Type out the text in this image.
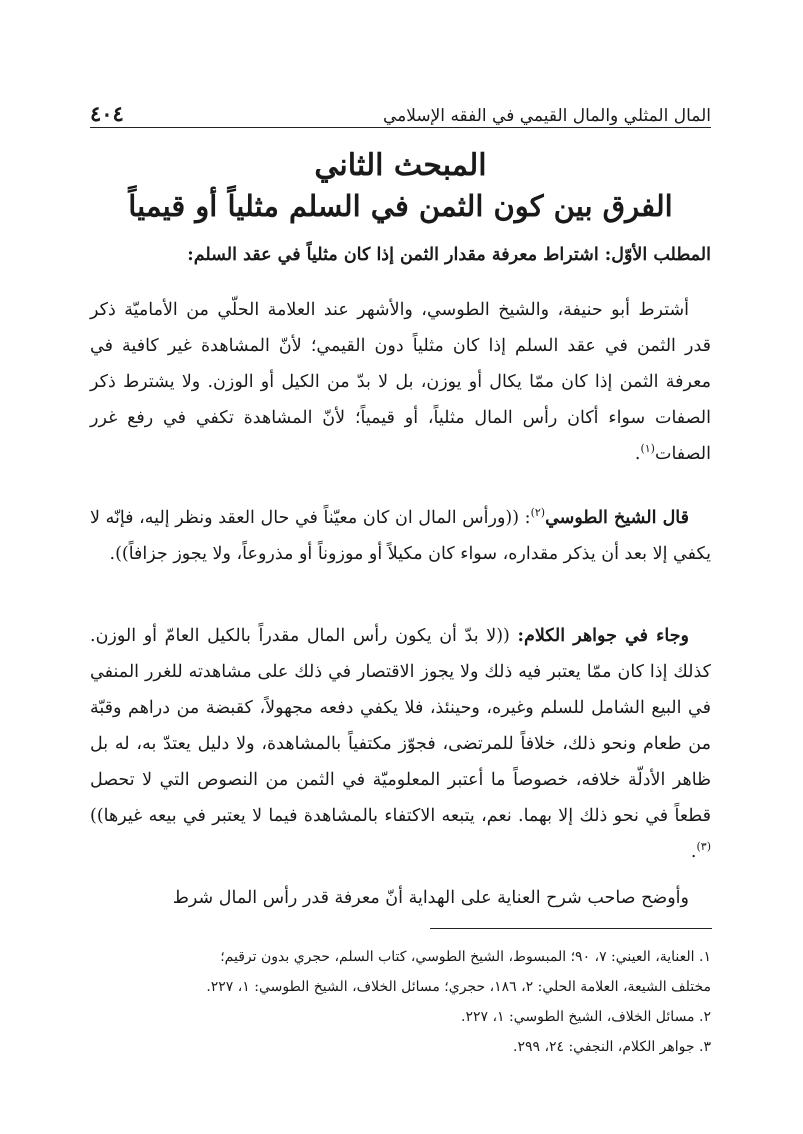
المال المثلي والمال القيمي في الفقه الإسلامي
٤٠٤
المبحث الثاني
الفرق بين كون الثمن في السلم مثلياً أو قيمياً
المطلب الأوّل: اشتراط معرفة مقدار الثمن إذا كان مثلياً في عقد السلم:

أشترط أبو حنيفة، والشيخ الطوسي، والأشهر عند العلامة الحلّي من الأماميّة ذكر قدر الثمن في عقد السلم إذا كان مثلياً دون القيمي؛ لأنّ المشاهدة غير كافية في معرفة الثمن إذا كان ممّا يكال أو يوزن، بل لا بدّ من الكيل أو الوزن. ولا يشترط ذكر الصفات سواء أكان رأس المال مثلياً، أو قيمياً؛ لأنّ المشاهدة تكفي في رفع غرر الصفات$^{(١)}$.

قال الشيخ الطوسي$^{(٢)}$: ((ورأس المال ان كان معيّناً في حال العقد ونظر إليه، فإنّه لا يكفي إلا بعد أن يذكر مقداره، سواء كان مكيلاً أو موزوناً أو مذروعاً، ولا يجوز جزافاً)).

وجاء في جواهر الكلام: ((لا بدّ أن يكون رأس المال مقدراً بالكيل العامّ أو الوزن. كذلك إذا كان ممّا يعتبر فيه ذلك ولا يجوز الاقتصار في ذلك على مشاهدته للغرر المنفي في البيع الشامل للسلم وغيره، وحينئذ، فلا يكفي دفعه مجهولاً، كقبضة من دراهم وقبّة من طعام ونحو ذلك، خلافاً للمرتضى، فجوّز مكتفياً بالمشاهدة، ولا دليل يعتدّ به، له بل ظاهر الأدلّة خلافه، خصوصاً ما أعتبر المعلوميّة في الثمن من النصوص التي لا تحصل قطعاً في نحو ذلك إلا بهما. نعم، يتبعه الاكتفاء بالمشاهدة فيما لا يعتبر في بيعه غيرها))$^{(٣)}$.

وأوضح صاحب شرح العناية على الهداية أنّ معرفة قدر رأس المال شرط

١. العناية، العيني: ٧، ٩٠؛ المبسوط، الشيخ الطوسي، كتاب السلم، حجري بدون ترقيم؛

مختلف الشيعة، العلامة الحلي: ٢، ١٨٦، حجري؛ مسائل الخلاف، الشيخ الطوسي: ١، ٢٢٧.

٢. مسائل الخلاف، الشيخ الطوسي: ١، ٢٢٧.

٣. جواهر الكلام، النجفي: ٢٤، ٢٩٩.
